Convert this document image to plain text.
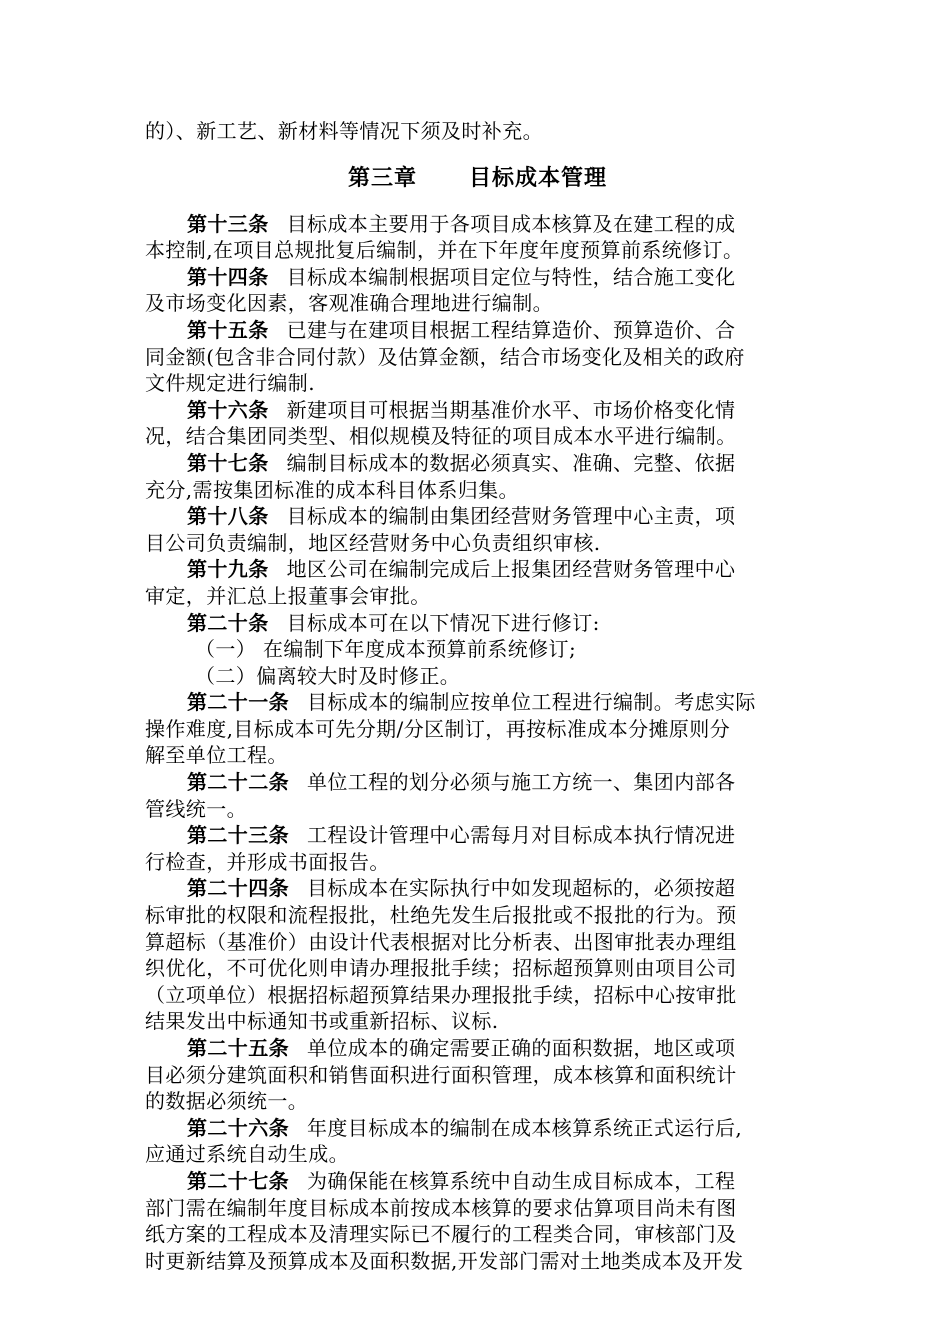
的）、新工艺、新材料等情况下须及时补充。
第三章 目标成本管理
第十三条 目标成本主要用于各项目成本核算及在建工程的成
本控制,在项目总规批复后编制，并在下年度年度预算前系统修订。
第十四条 目标成本编制根据项目定位与特性，结合施工变化
及市场变化因素，客观准确合理地进行编制。
第十五条 已建与在建项目根据工程结算造价、预算造价、合
同金额(包含非合同付款）及估算金额，结合市场变化及相关的政府
文件规定进行编制.
第十六条 新建项目可根据当期基准价水平、市场价格变化情
况，结合集团同类型、相似规模及特征的项目成本水平进行编制。
第十七条 编制目标成本的数据必须真实、准确、完整、依据
充分,需按集团标准的成本科目体系归集。
第十八条 目标成本的编制由集团经营财务管理中心主责，项
目公司负责编制，地区经营财务中心负责组织审核.
第十九条 地区公司在编制完成后上报集团经营财务管理中心
审定，并汇总上报董事会审批。
第二十条 目标成本可在以下情况下进行修订:
（一） 在编制下年度成本预算前系统修订;
（二）偏离较大时及时修正。
第二十一条 目标成本的编制应按单位工程进行编制。考虑实际
操作难度,目标成本可先分期/分区制订，再按标准成本分摊原则分
解至单位工程。
第二十二条 单位工程的划分必须与施工方统一、集团内部各
管线统一。
第二十三条 工程设计管理中心需每月对目标成本执行情况进
行检查，并形成书面报告。
第二十四条 目标成本在实际执行中如发现超标的，必须按超
标审批的权限和流程报批，杜绝先发生后报批或不报批的行为。预
算超标（基准价）由设计代表根据对比分析表、出图审批表办理组
织优化，不可优化则申请办理报批手续；招标超预算则由项目公司
（立项单位）根据招标超预算结果办理报批手续，招标中心按审批
结果发出中标通知书或重新招标、议标.
第二十五条 单位成本的确定需要正确的面积数据，地区或项
目必须分建筑面积和销售面积进行面积管理，成本核算和面积统计
的数据必须统一。
第二十六条 年度目标成本的编制在成本核算系统正式运行后,
应通过系统自动生成。
第二十七条 为确保能在核算系统中自动生成目标成本，工程
部门需在编制年度目标成本前按成本核算的要求估算项目尚未有图
纸方案的工程成本及清理实际已不履行的工程类合同，审核部门及
时更新结算及预算成本及面积数据,开发部门需对土地类成本及开发
